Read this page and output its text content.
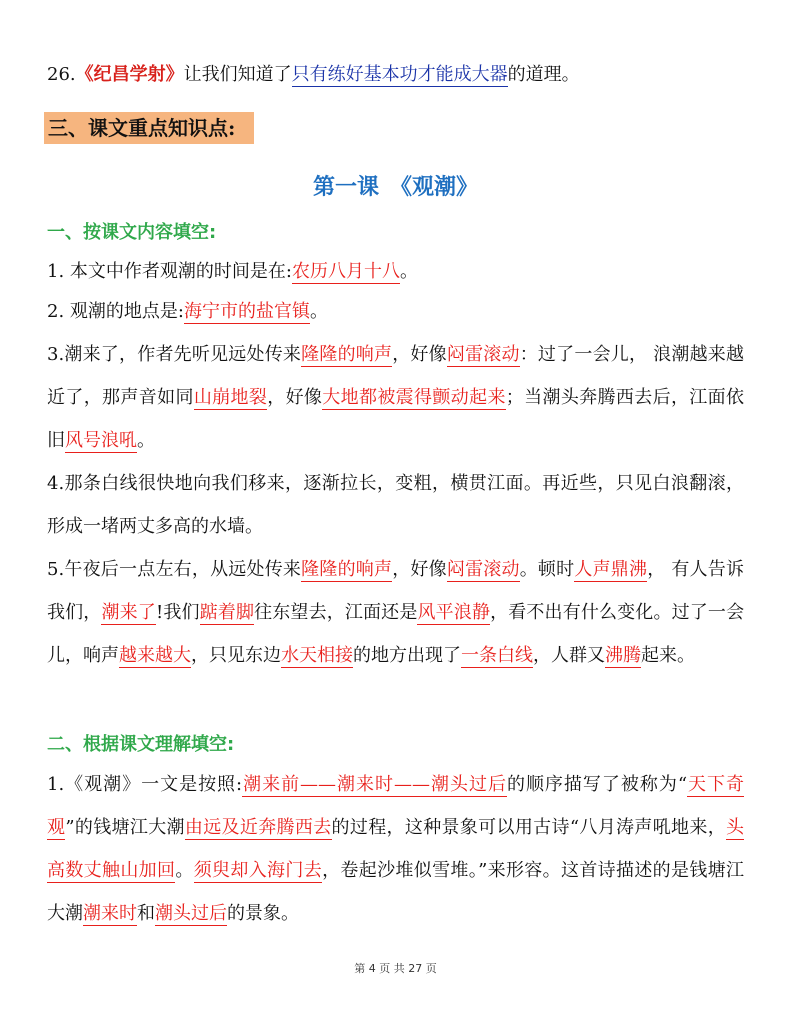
26.《纪昌学射》让我们知道了只有练好基本功才能成大器的道理。
三、课文重点知识点:
第一课　《观潮》
一、按课文内容填空:
1. 本文中作者观潮的时间是在:农历八月十八。
2. 观潮的地点是:海宁市的盐官镇。
3.潮来了，作者先听见远处传来隆隆的响声，好像闷雷滚动：过了一会儿， 浪潮越来越近了，那声音如同山崩地裂，好像大地都被震得颤动起来；当潮头奔腾西去后，江面依旧风号浪吼。
4.那条白线很快地向我们移来，逐渐拉长，变粗，横贯江面。再近些，只见白浪翻滚，形成一堵两丈多高的水墙。
5.午夜后一点左右，从远处传来隆隆的响声，好像闷雷滚动。顿时人声鼎沸， 有人告诉我们，潮来了!我们踮着脚往东望去，江面还是风平浪静，看不出有什么变化。过了一会儿，响声越来越大，只见东边水天相接的地方出现了一条白线，人群又沸腾起来。
二、根据课文理解填空:
1.《观潮》一文是按照:潮来前——潮来时——潮头过后的顺序描写了被称为“天下奇观”的钱塘江大潮由远及近奔腾西去的过程，这种景象可以用古诗“八月涛声吼地来，头高数丈触山加回。须臾却入海门去，卷起沙堆似雪堆。”来形容。这首诗描述的是钱塘江大潮潮来时和潮头过后的景象。
第 4 页 共 27 页
